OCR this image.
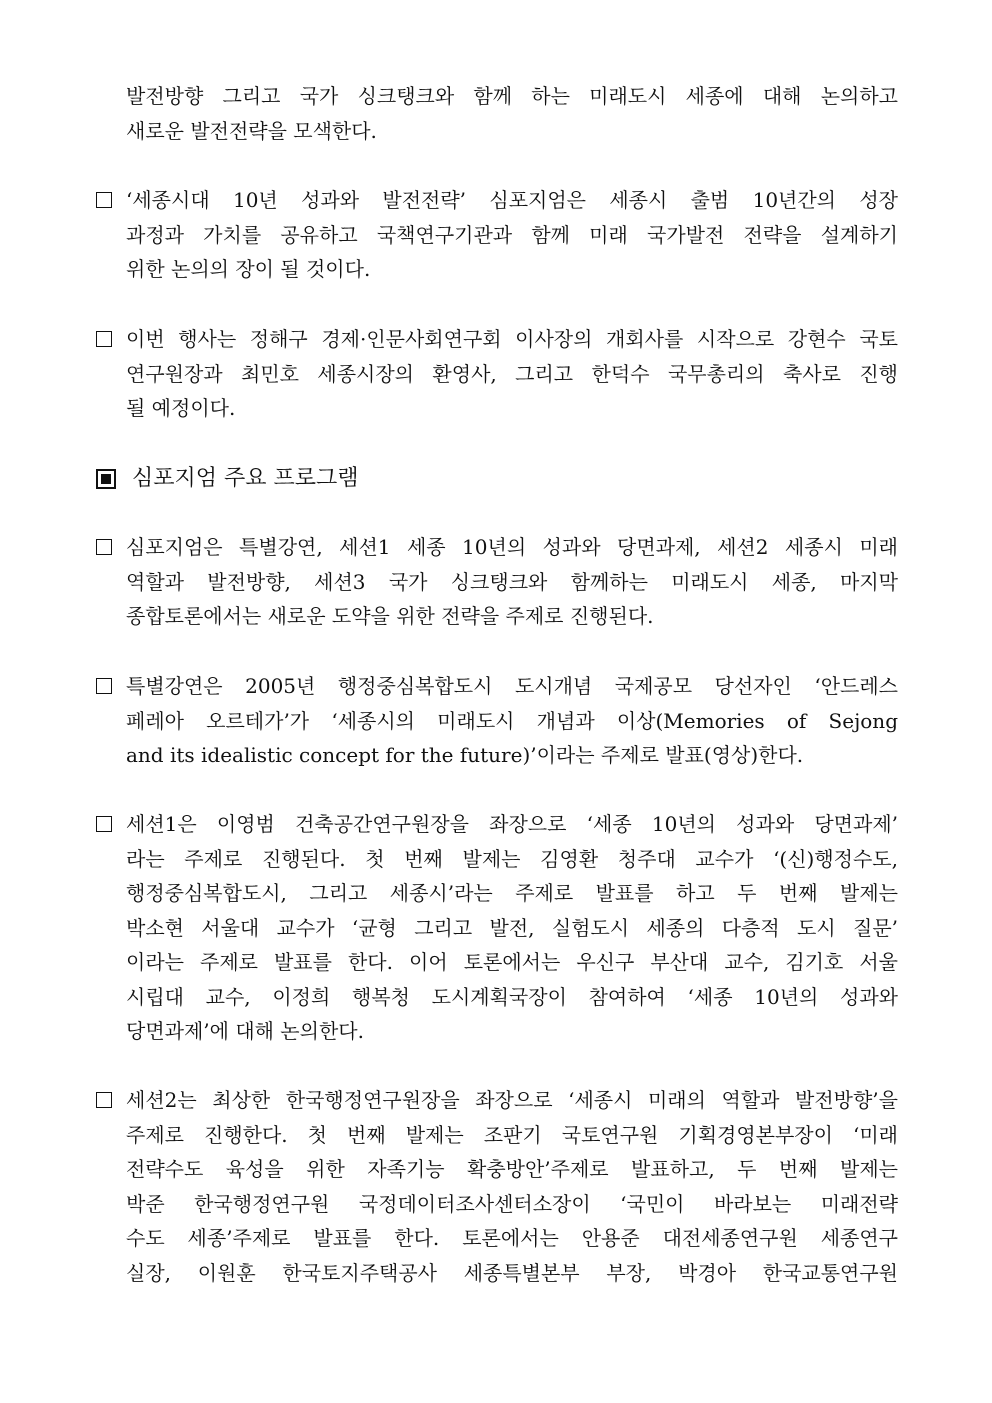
발전방향 그리고 국가 싱크탱크와 함께 하는 미래도시 세종에 대해 논의하고
새로운 발전전략을 모색한다.
‘세종시대 10년 성과와 발전전략’ 심포지엄은 세종시 출범 10년간의 성장
과정과 가치를 공유하고 국책연구기관과 함께 미래 국가발전 전략을 설계하기
위한 논의의 장이 될 것이다.
이번 행사는 정해구 경제·인문사회연구회 이사장의 개회사를 시작으로 강현수 국토
연구원장과 최민호 세종시장의 환영사, 그리고 한덕수 국무총리의 축사로 진행
될 예정이다.
심포지엄 주요 프로그램
심포지엄은 특별강연, 세션1 세종 10년의 성과와 당면과제, 세션2 세종시 미래
역할과 발전방향, 세션3 국가 싱크탱크와 함께하는 미래도시 세종, 마지막
종합토론에서는 새로운 도약을 위한 전략을 주제로 진행된다.
특별강연은 2005년 행정중심복합도시 도시개념 국제공모 당선자인 ‘안드레스
페레아 오르테가’가 ‘세종시의 미래도시 개념과 이상(Memories of Sejong
and its idealistic concept for the future)’이라는 주제로 발표(영상)한다.
세션1은 이영범 건축공간연구원장을 좌장으로 ‘세종 10년의 성과와 당면과제’
라는 주제로 진행된다. 첫 번째 발제는 김영환 청주대 교수가 ‘(신)행정수도,
행정중심복합도시, 그리고 세종시’라는 주제로 발표를 하고 두 번째 발제는
박소현 서울대 교수가 ‘균형 그리고 발전, 실험도시 세종의 다층적 도시 질문’
이라는 주제로 발표를 한다. 이어 토론에서는 우신구 부산대 교수, 김기호 서울
시립대 교수, 이정희 행복청 도시계획국장이 참여하여 ‘세종 10년의 성과와
당면과제’에 대해 논의한다.
세션2는 최상한 한국행정연구원장을 좌장으로 ‘세종시 미래의 역할과 발전방향’을
주제로 진행한다. 첫 번째 발제는 조판기 국토연구원 기획경영본부장이 ‘미래
전략수도 육성을 위한 자족기능 확충방안’주제로 발표하고, 두 번째 발제는
박준 한국행정연구원 국정데이터조사센터소장이 ‘국민이 바라보는 미래전략
수도 세종’주제로 발표를 한다. 토론에서는 안용준 대전세종연구원 세종연구
실장, 이원훈 한국토지주택공사 세종특별본부 부장, 박경아 한국교통연구원
